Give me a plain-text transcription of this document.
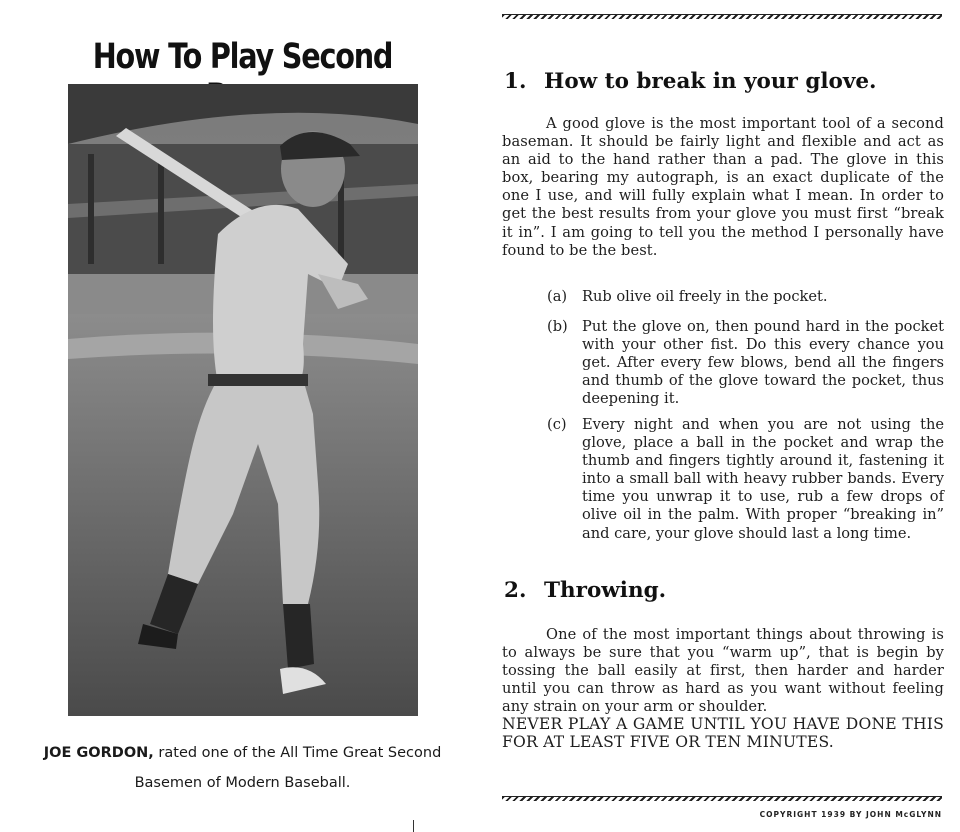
How To Play Second
JOE GORDON, rated one of the All Time Great Second
Basemen of Modern Baseball.
1. How to break in your glove.

A good glove is the most important tool of a second baseman. It should be fairly light and flexible and act as an aid to the hand rather than a pad. The glove in this box, bearing my autograph, is an exact duplicate of the one I use, and will fully explain what I mean. In order to get the best results from your glove you must first “break it in”. I am going to tell you the method I personally have found to be the best.

(a) Rub olive oil freely in the pocket.
(b) Put the glove on, then pound hard in the pocket with your other fist. Do this every chance you get. After every few blows, bend all the fingers and thumb of the glove toward the pocket, thus deepening it.
(c) Every night and when you are not using the glove, place a ball in the pocket and wrap the thumb and fingers tightly around it, fastening it into a small ball with heavy rubber bands. Every time you unwrap it to use, rub a few drops of olive oil in the palm. With proper “breaking in” and care, your glove should last a long time.
2. Throwing.

One of the most important things about throwing is to always be sure that you “warm up”, that is begin by tossing the ball easily at first, then harder and harder until you can throw as hard as you want without feeling any strain on your arm or shoulder.

NEVER PLAY A GAME UNTIL YOU HAVE DONE THIS FOR AT LEAST FIVE OR TEN MINUTES.

COPYRIGHT 1939 BY JOHN McGLYNN
